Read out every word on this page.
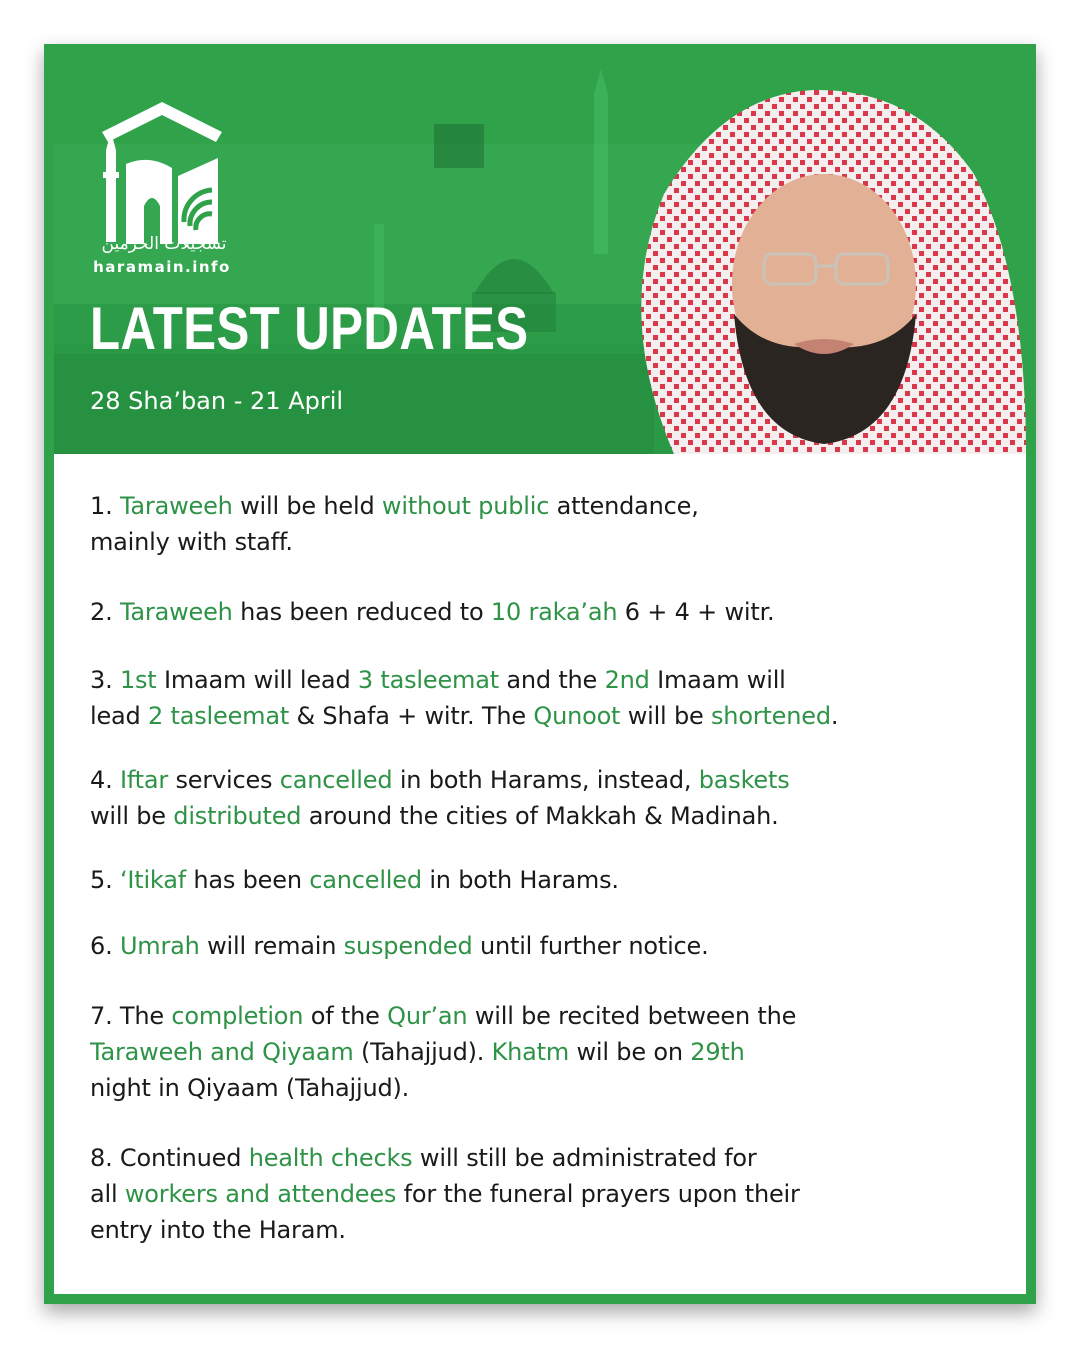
تسجيلات الحرمين
haramain.info
LATEST UPDATES
28 Sha’ban - 21 April
1. Taraweeh will be held without public attendance,
mainly with staff.
2. Taraweeh has been reduced to 10 raka’ah 6 + 4 + witr.
3. 1st Imaam will lead 3 tasleemat and the 2nd Imaam will
lead 2 tasleemat & Shafa + witr. The Qunoot will be shortened.
4. Iftar services cancelled in both Harams, instead, baskets
will be distributed around the cities of Makkah & Madinah.
5. ‘Itikaf has been cancelled in both Harams.
6. Umrah will remain suspended until further notice.
7. The completion of the Qur’an will be recited between the
Taraweeh and Qiyaam (Tahajjud). Khatm wil be on 29th
night in Qiyaam (Tahajjud).
8. Continued health checks will still be administrated for
all workers and attendees for the funeral prayers upon their
entry into the Haram.
